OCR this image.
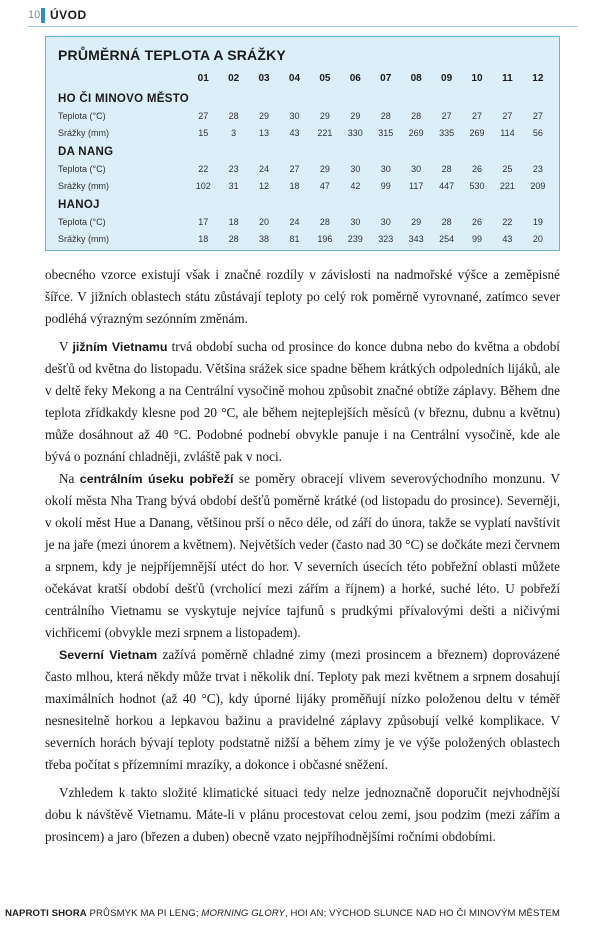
10 ÚVOD
PRŮMĚRNÁ TEPLOTA A SRÁŽKY
01	02	03	04	05	06	07	08	09	10	11	12
HO ČI MINOVO MĚSTO
Teplota (°C)	27	28	29	30	29	29	28	28	27	27	27	27
Srážky (mm)	15	3	13	43	221	330	315	269	335	269	114	56
DA NANG
Teplota (°C)	22	23	24	27	29	30	30	30	28	26	25	23
Srážky (mm)	102	31	12	18	47	42	99	117	447	530	221	209
HANOJ
Teplota (°C)	17	18	20	24	28	30	30	29	28	26	22	19
Srážky (mm)	18	28	38	81	196	239	323	343	254	99	43	20

obecného vzorce existují však i značné rozdíly v závislosti na nadmořské výšce a zeměpisné šířce. V jižních oblastech státu zůstávají teploty po celý rok poměrně vyrovnané, zatímco sever podléhá výrazným sezónním změnám.

V jižním Vietnamu trvá období sucha od prosince do konce dubna nebo do května a období dešťů od května do listopadu. Většina srážek sice spadne během krátkých odpoledních lijáků, ale v deltě řeky Mekong a na Centrální vysočině mohou způsobit značné obtíže záplavy. Během dne teplota zřídkakdy klesne pod 20 °C, ale během nejteplejších měsíců (v březnu, dubnu a květnu) může dosáhnout až 40 °C. Podobné podnebí obvykle panuje i na Centrální vysočině, kde ale bývá o poznání chladněji, zvláště pak v noci.

Na centrálním úseku pobřeží se poměry obracejí vlivem severovýchodního monzunu. V okolí města Nha Trang bývá období dešťů poměrně krátké (od listopadu do prosince). Severněji, v okolí měst Hue a Danang, většinou prší o něco déle, od září do února, takže se vyplatí navštívit je na jaře (mezi únorem a květnem). Největších veder (často nad 30 °C) se dočkáte mezi červnem a srpnem, kdy je nejpříjemnější utéct do hor. V severních úsecích této pobřežní oblasti můžete očekávat kratší období dešťů (vrcholící mezi zářím a říjnem) a horké, suché léto. U pobřeží centrálního Vietnamu se vyskytuje nejvíce tajfunů s prudkými přívalovými dešti a ničivými vichřicemi (obvykle mezi srpnem a listopadem).

Severní Vietnam zažívá poměrně chladné zimy (mezi prosincem a březnem) doprovázené často mlhou, která někdy může trvat i několik dní. Teploty pak mezi květnem a srpnem dosahují maximálních hodnot (až 40 °C), kdy úporné lijáky proměňují nízko položenou deltu v téměř nesnesitelně horkou a lepkavou bažinu a pravidelné záplavy způsobují velké komplikace. V severních horách bývají teploty podstatně nižší a během zimy je ve výše položených oblastech třeba počítat s přízemními mrazíky, a dokonce i občasné sněžení.

Vzhledem k takto složité klimatické situaci tedy nelze jednoznačně doporučit nejvhodnější dobu k návštěvě Vietnamu. Máte-li v plánu procestovat celou zemi, jsou podzim (mezi zářím a prosincem) a jaro (březen a duben) obecně vzato nejpříhodnějšími ročními obdobími.

NAPROTI SHORA PRŮSMYK MA PI LENG; MORNING GLORY, HOI AN; VÝCHOD SLUNCE NAD HO ČI MINOVÝM MĚSTEM
